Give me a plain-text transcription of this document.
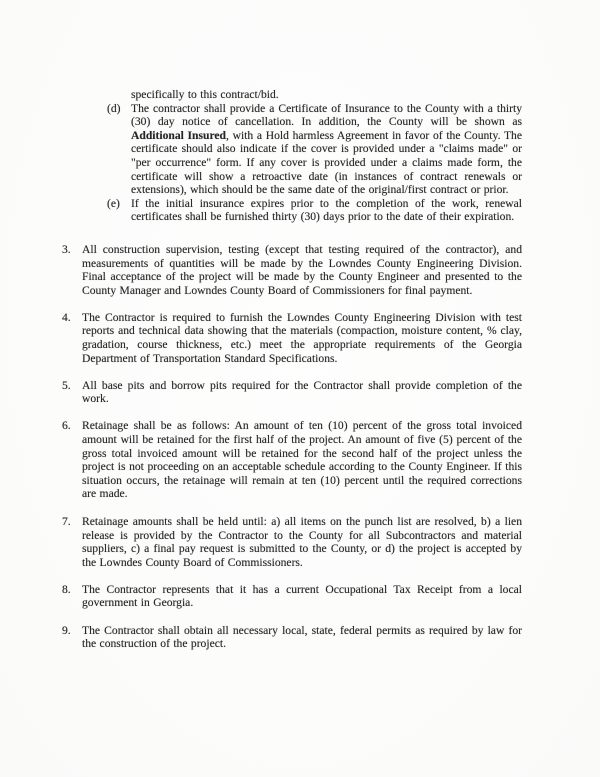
specifically to this contract/bid.
(d) The contractor shall provide a Certificate of Insurance to the County with a thirty (30) day notice of cancellation. In addition, the County will be shown as Additional Insured, with a Hold harmless Agreement in favor of the County. The certificate should also indicate if the cover is provided under a "claims made" or "per occurrence" form. If any cover is provided under a claims made form, the certificate will show a retroactive date (in instances of contract renewals or extensions), which should be the same date of the original/first contract or prior.
(e) If the initial insurance expires prior to the completion of the work, renewal certificates shall be furnished thirty (30) days prior to the date of their expiration.
3. All construction supervision, testing (except that testing required of the contractor), and measurements of quantities will be made by the Lowndes County Engineering Division. Final acceptance of the project will be made by the County Engineer and presented to the County Manager and Lowndes County Board of Commissioners for final payment.
4. The Contractor is required to furnish the Lowndes County Engineering Division with test reports and technical data showing that the materials (compaction, moisture content, % clay, gradation, course thickness, etc.) meet the appropriate requirements of the Georgia Department of Transportation Standard Specifications.
5. All base pits and borrow pits required for the Contractor shall provide completion of the work.
6. Retainage shall be as follows: An amount of ten (10) percent of the gross total invoiced amount will be retained for the first half of the project. An amount of five (5) percent of the gross total invoiced amount will be retained for the second half of the project unless the project is not proceeding on an acceptable schedule according to the County Engineer. If this situation occurs, the retainage will remain at ten (10) percent until the required corrections are made.
7. Retainage amounts shall be held until: a) all items on the punch list are resolved, b) a lien release is provided by the Contractor to the County for all Subcontractors and material suppliers, c) a final pay request is submitted to the County, or d) the project is accepted by the Lowndes County Board of Commissioners.
8. The Contractor represents that it has a current Occupational Tax Receipt from a local government in Georgia.
9. The Contractor shall obtain all necessary local, state, federal permits as required by law for the construction of the project.
